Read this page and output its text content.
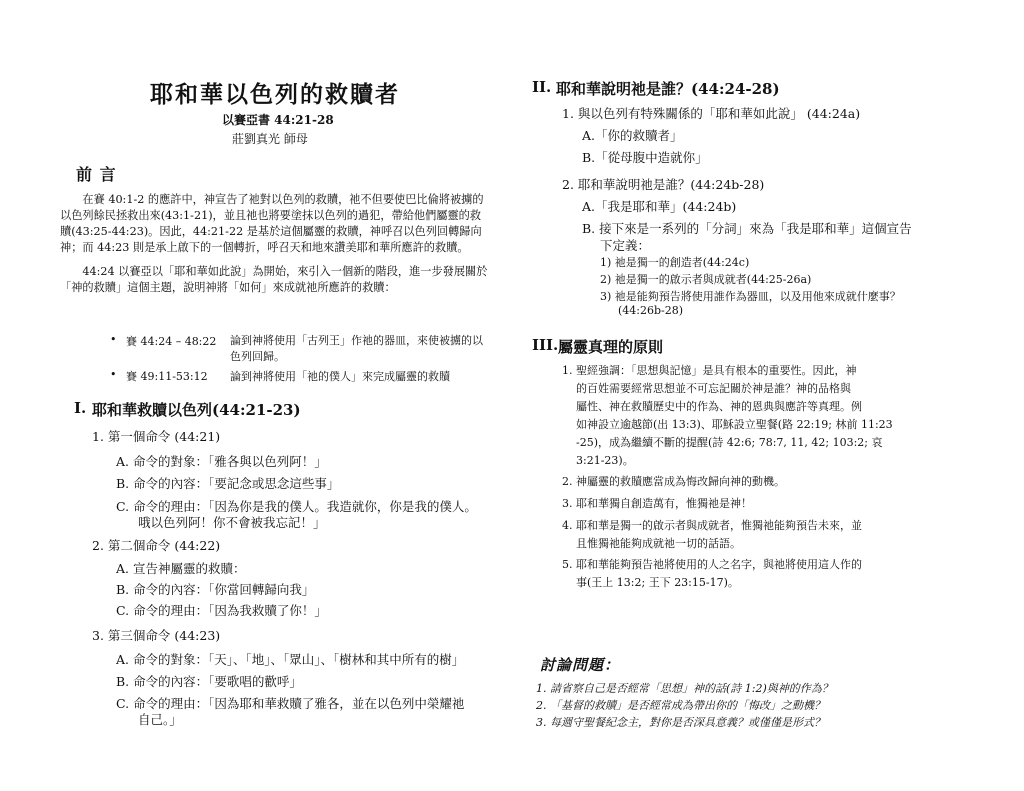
耶和華以色列的救贖者
以賽亞書 44:21-28
莊劉真光 師母
前 言

在賽 40:1-2 的應許中，神宣告了祂對以色列的救贖，祂不但要使巴比倫將被擄的以色列餘民拯救出來(43:1-21)，並且祂也將要塗抹以色列的過犯，帶給他們屬靈的救贖(43:25-44:23)。因此，44:21-22 是基於這個屬靈的救贖，神呼召以色列回轉歸向神；而 44:23 則是承上啟下的一個轉折，呼召天和地來讚美耶和華所應許的救贖。

44:24 以賽亞以「耶和華如此說」為開始，來引入一個新的階段，進一步發展關於「神的救贖」這個主題，說明神將「如何」來成就祂所應許的救贖：

• 賽 44:24 – 48:22 論到神將使用「古列王」作祂的器皿，來使被擄的以色列回歸。
• 賽 49:11-53:12 論到神將使用「祂的僕人」來完成屬靈的救贖
I. 耶和華救贖以色列(44:21-23)
1. 第一個命令 (44:21)
A. 命令的對象：「雅各與以色列阿！」
B. 命令的內容：「要記念或思念這些事」
C. 命令的理由：「因為你是我的僕人。我造就你，你是我的僕人。
哦以色列阿！你不會被我忘記！」
2. 第二個命令 (44:22)
A. 宣告神屬靈的救贖：
B. 命令的內容：「你當回轉歸向我」
C. 命令的理由：「因為我救贖了你！」
3. 第三個命令 (44:23)
A. 命令的對象：「天」、「地」、「眾山」、「樹林和其中所有的樹」
B. 命令的內容：「要歌唱的歡呼」
C. 命令的理由：「因為耶和華救贖了雅各，並在以色列中榮耀祂
自己。」
II. 耶和華說明祂是誰？(44:24-28)
1. 與以色列有特殊關係的「耶和華如此說」 (44:24a)
A.「你的救贖者」
B.「從母腹中造就你」
2. 耶和華說明祂是誰？(44:24b-28)
A.「我是耶和華」(44:24b)
B. 接下來是一系列的「分詞」來為「我是耶和華」這個宣告
下定義：
1) 祂是獨一的創造者(44:24c)
2) 祂是獨一的啟示者與成就者(44:25-26a)
3) 祂是能夠預告將使用誰作為器皿，以及用他來成就什麼事？
(44:26b-28)
III. 屬靈真理的原則
1. 聖經強調：「思想與記憶」是具有根本的重要性。因此，神
的百姓需要經常思想並不可忘記關於神是誰？神的品格與
屬性、神在救贖歷史中的作為、神的恩典與應許等真理。例
如神設立逾越節(出 13:3)、耶穌設立聖餐(路 22:19; 林前 11:23
-25)，成為繼續不斷的提醒(詩 42:6; 78:7, 11, 42; 103:2; 哀
3:21-23)。
2. 神屬靈的救贖應當成為悔改歸向神的動機。
3. 耶和華獨自創造萬有，惟獨祂是神！
4. 耶和華是獨一的啟示者與成就者，惟獨祂能夠預告未來，並
且惟獨祂能夠成就祂一切的話語。
5. 耶和華能夠預告祂將使用的人之名字，與祂將使用這人作的
事(王上 13:2; 王下 23:15-17)。
討論問題：
1. 請省察自己是否經常「思想」神的話(詩 1:2)與神的作為？
2. 「基督的救贖」是否經常成為帶出你的「悔改」之動機？
3. 每週守聖餐紀念主，對你是否深具意義？或僅僅是形式？
